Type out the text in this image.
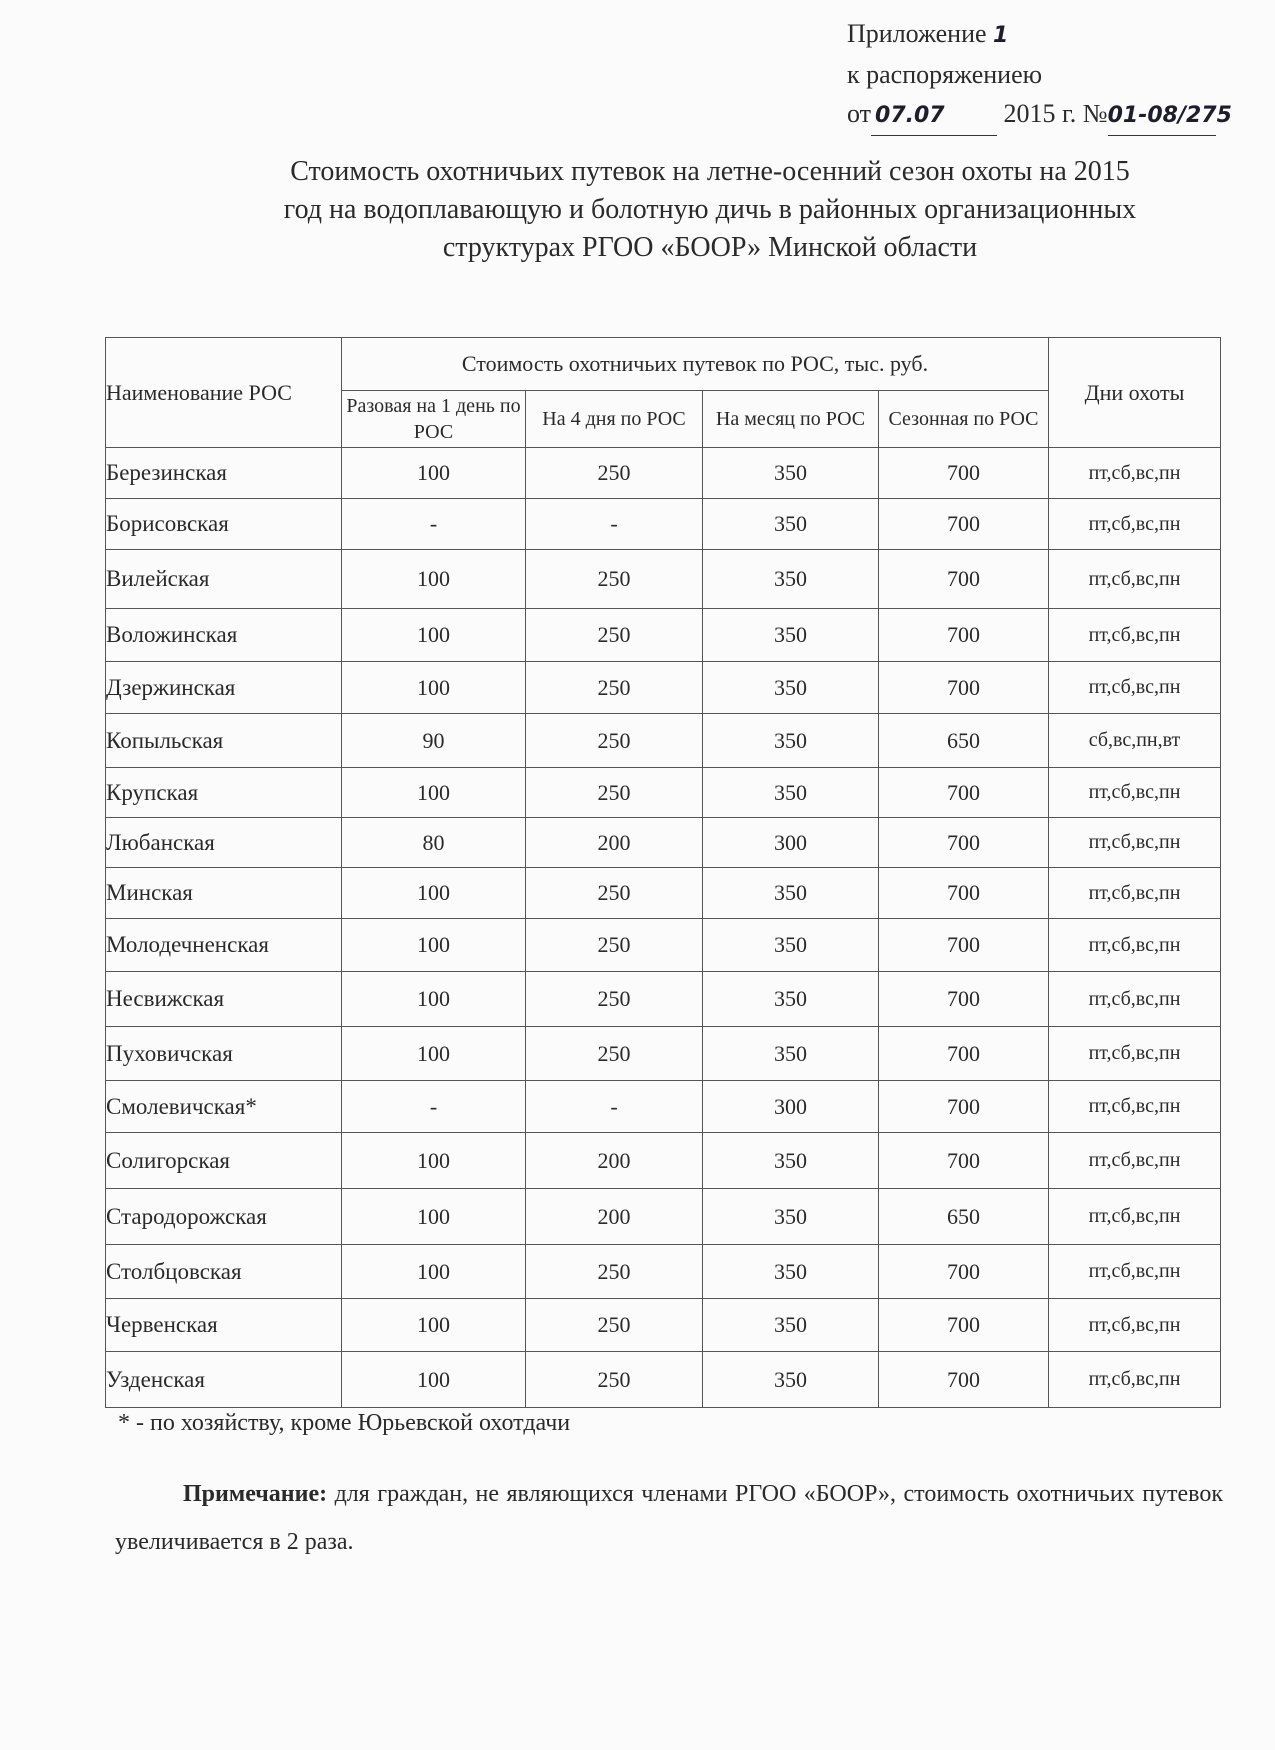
Приложение 1
к распоряжениею
от 07.07 2015 г. №01-08/275
Стоимость охотничьих путевок на летне-осенний сезон охоты на 2015
год на водоплавающую и болотную дичь в районных организационных
структурах РГОО «БООР» Минской области
Наименование РОС	Стоимость охотничьих путевок по РОС, тыс. руб.				Дни охоты
	Разовая на 1 день по РОС	На 4 дня по РОС	На месяц по РОС	Сезонная по РОС	
Березинская	100	250	350	700	пт,сб,вс,пн
Борисовская	-	-	350	700	пт,сб,вс,пн
Вилейская	100	250	350	700	пт,сб,вс,пн
Воложинская	100	250	350	700	пт,сб,вс,пн
Дзержинская	100	250	350	700	пт,сб,вс,пн
Копыльская	90	250	350	650	сб,вс,пн,вт
Крупская	100	250	350	700	пт,сб,вс,пн
Любанская	80	200	300	700	пт,сб,вс,пн
Минская	100	250	350	700	пт,сб,вс,пн
Молодечненская	100	250	350	700	пт,сб,вс,пн
Несвижская	100	250	350	700	пт,сб,вс,пн
Пуховичская	100	250	350	700	пт,сб,вс,пн
Смолевичская*	-	-	300	700	пт,сб,вс,пн
Солигорская	100	200	350	700	пт,сб,вс,пн
Стародорожская	100	200	350	650	пт,сб,вс,пн
Столбцовская	100	250	350	700	пт,сб,вс,пн
Червенская	100	250	350	700	пт,сб,вс,пн
Узденская	100	250	350	700	пт,сб,вс,пн
* - по хозяйству, кроме Юрьевской охотдачи
Примечание: для граждан, не являющихся членами РГОО «БООР», стоимость охотничьих путевок увеличивается в 2 раза.
